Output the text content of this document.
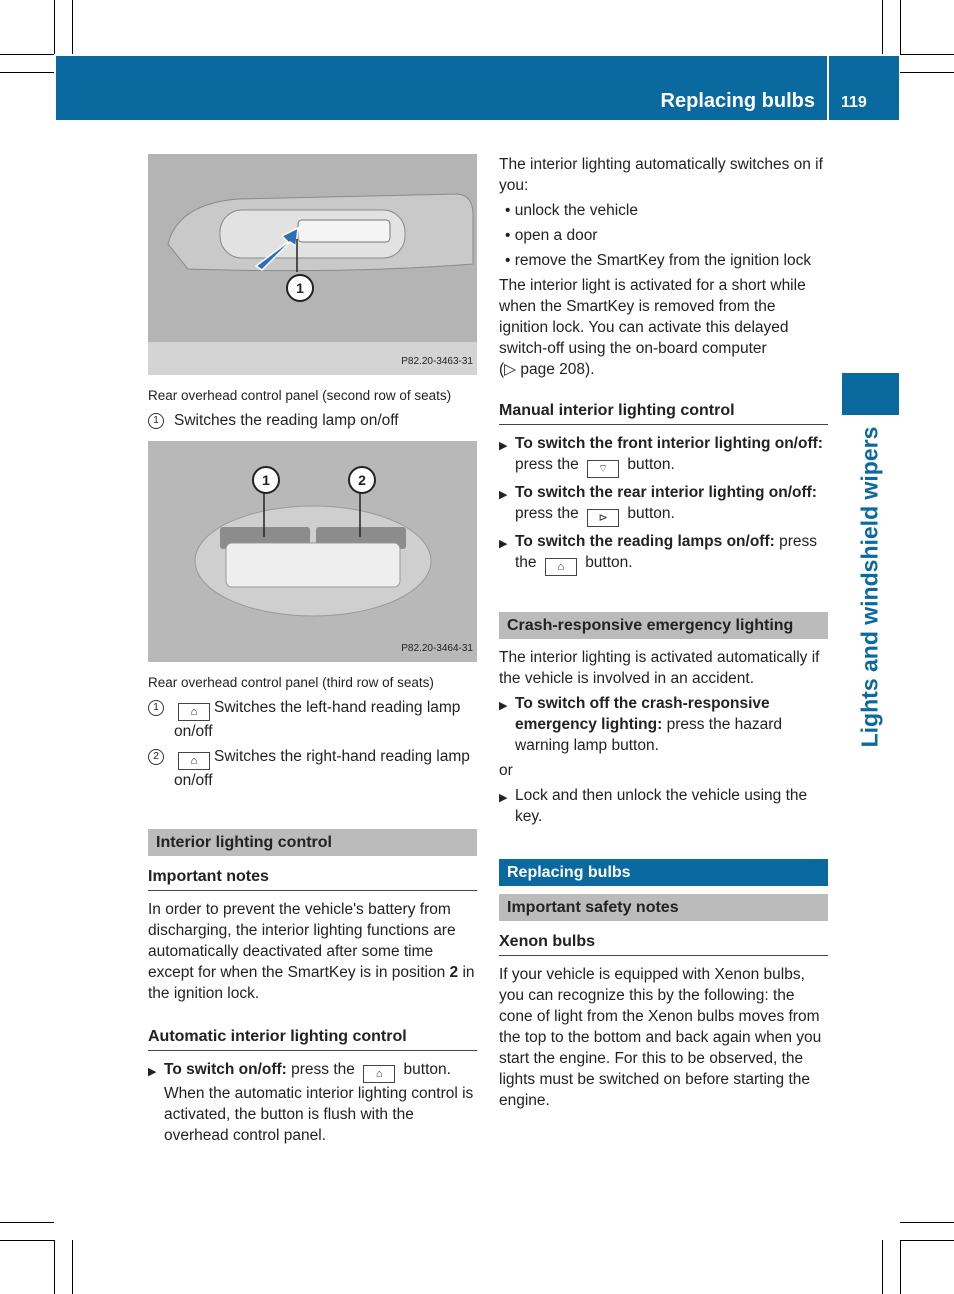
Replacing bulbs 119
Lights and windshield wipers
1
P82.20-3463-31
Rear overhead control panel (second row of seats)
1 Switches the reading lamp on/off
1	2
P82.20-3464-31
Rear overhead control panel (third row of seats)
1	⌂ Switches the left-hand reading lamp on/off
2	⌂ Switches the right-hand reading lamp on/off
Interior lighting control
Important notes

In order to prevent the vehicle's battery from discharging, the interior lighting functions are automatically deactivated after some time except for when the SmartKey is in position 2 in the ignition lock.

Automatic interior lighting control
▶ To switch on/off: press the ⌂ button. When the automatic interior lighting control is activated, the button is flush with the overhead control panel.

The interior lighting automatically switches on if you:

• unlock the vehicle
• open a door
• remove the SmartKey from the ignition lock

The interior light is activated for a short while when the SmartKey is removed from the ignition lock. You can activate this delayed switch-off using the on-board computer

(▷ page 208).

Manual interior lighting control
▶ To switch the front interior lighting on/off: press the ⌔ button.
▶ To switch the rear interior lighting on/off: press the ⊳ button.
▶ To switch the reading lamps on/off: press the ⌂ button.
Crash-responsive emergency lighting

The interior lighting is activated automatically if the vehicle is involved in an accident.

▶ To switch off the crash-responsive emergency lighting: press the hazard warning lamp button.

or

▶ Lock and then unlock the vehicle using the key.
Replacing bulbs
Important safety notes
Xenon bulbs

If your vehicle is equipped with Xenon bulbs, you can recognize this by the following: the cone of light from the Xenon bulbs moves from the top to the bottom and back again when you start the engine. For this to be observed, the lights must be switched on before starting the engine.
